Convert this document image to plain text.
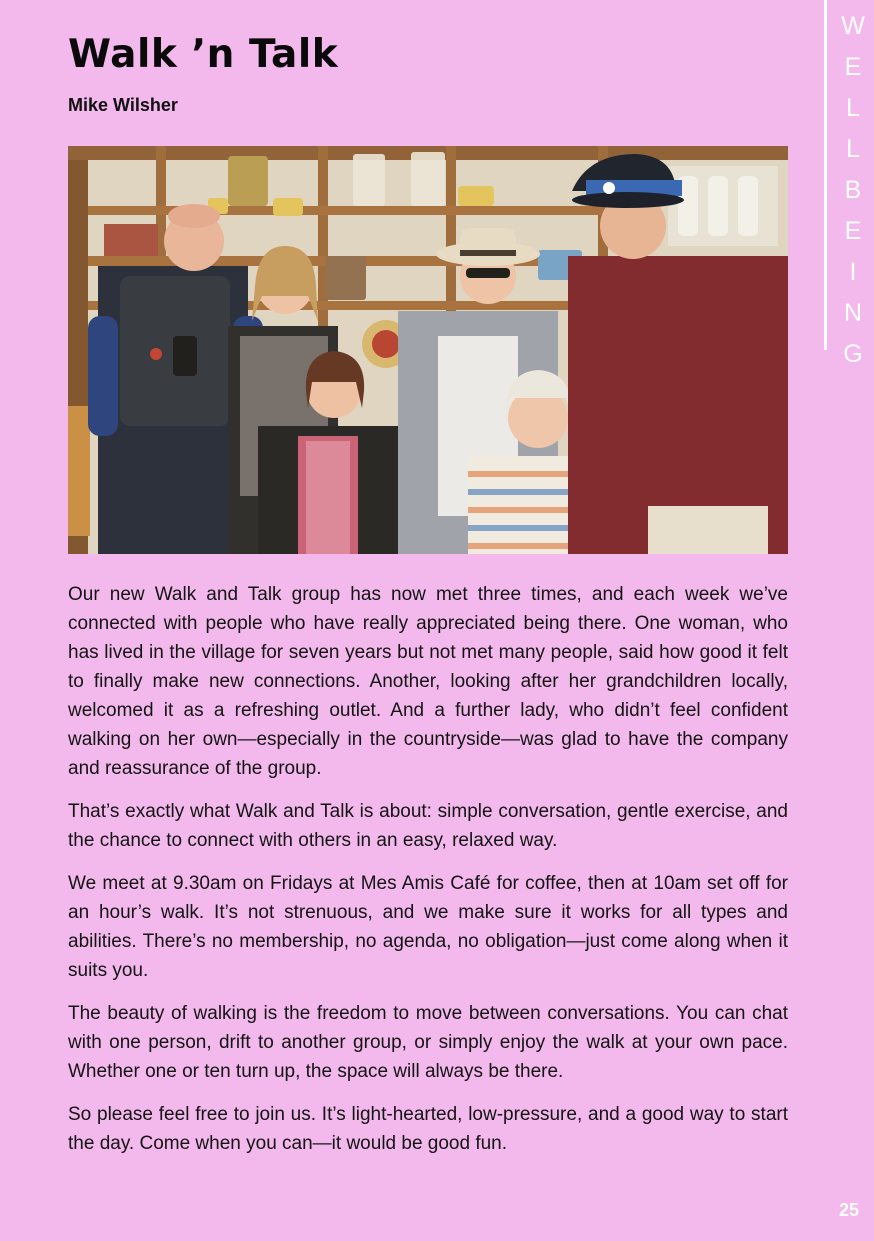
Walk ’n Talk
Mike Wilsher
W
E
L
L
B
E
I
N
G

Our new Walk and Talk group has now met three times, and each week we’ve connected with people who have really appreciated being there. One woman, who has lived in the village for seven years but not met many people, said how good it felt to finally make new connections. Another, looking after her grandchildren locally, welcomed it as a refreshing outlet. And a further lady, who didn’t feel confident walking on her own—especially in the countryside—was glad to have the company and reassurance of the group.

That’s exactly what Walk and Talk is about: simple conversation, gentle exercise, and the chance to connect with others in an easy, relaxed way.

We meet at 9.30am on Fridays at Mes Amis Café for coffee, then at 10am set off for an hour’s walk. It’s not strenuous, and we make sure it works for all types and abilities. There’s no membership, no agenda, no obligation—just come along when it suits you.

The beauty of walking is the freedom to move between conversations. You can chat with one person, drift to another group, or simply enjoy the walk at your own pace. Whether one or ten turn up, the space will always be there.

So please feel free to join us. It’s light-hearted, low-pressure, and a good way to start the day. Come when you can—it would be good fun.

25
